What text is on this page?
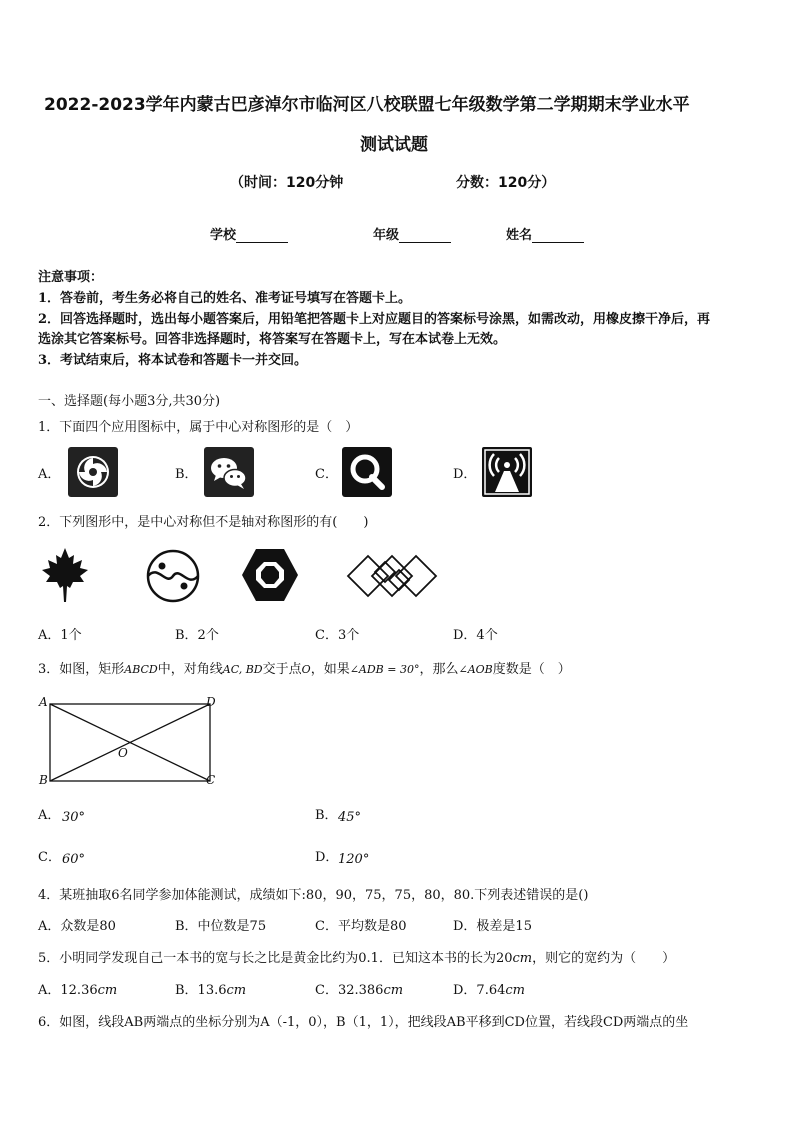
2022-2023学年内蒙古巴彦淖尔市临河区八校联盟七年级数学第二学期期末学业水平
测试试题
（时间：120分钟	分数：120分）
学校	年级	姓名
注意事项：
1．答卷前，考生务必将自己的姓名、准考证号填写在答题卡上。
2．回答选择题时，选出每小题答案后，用铅笔把答题卡上对应题目的答案标号涂黑，如需改动，用橡皮擦干净后，再
选涂其它答案标号。回答非选择题时，将答案写在答题卡上，写在本试卷上无效。
3．考试结束后，将本试卷和答题卡一并交回。
一、选择题(每小题3分,共30分)
1．下面四个应用图标中，属于中心对称图形的是（　）
A．	B．	C．	D．
2．下列图形中，是中心对称但不是轴对称图形的有(　　)
A．1个	B．2个	C．3个	D．4个
3．如图，矩形ABCD中，对角线AC, BD交于点O，如果∠ADB = 30°，那么∠AOB度数是（　）
A	D
B	C
O
A． 30°	B． 45°
C． 60°	D． 120°
4．某班抽取6名同学参加体能测试，成绩如下:80，90，75，75，80，80.下列表述错误的是()
A．众数是80	B．中位数是75	C．平均数是80	D．极差是15
5．小明同学发现自己一本书的宽与长之比是黄金比约为0.1．已知这本书的长为20cm，则它的宽约为（　　）
A．12.36cm	B．13.6cm	C．32.386cm	D．7.64cm
6．如图，线段AB两端点的坐标分别为A（-1，0），B（1，1），把线段AB平移到CD位置，若线段CD两端点的坐
